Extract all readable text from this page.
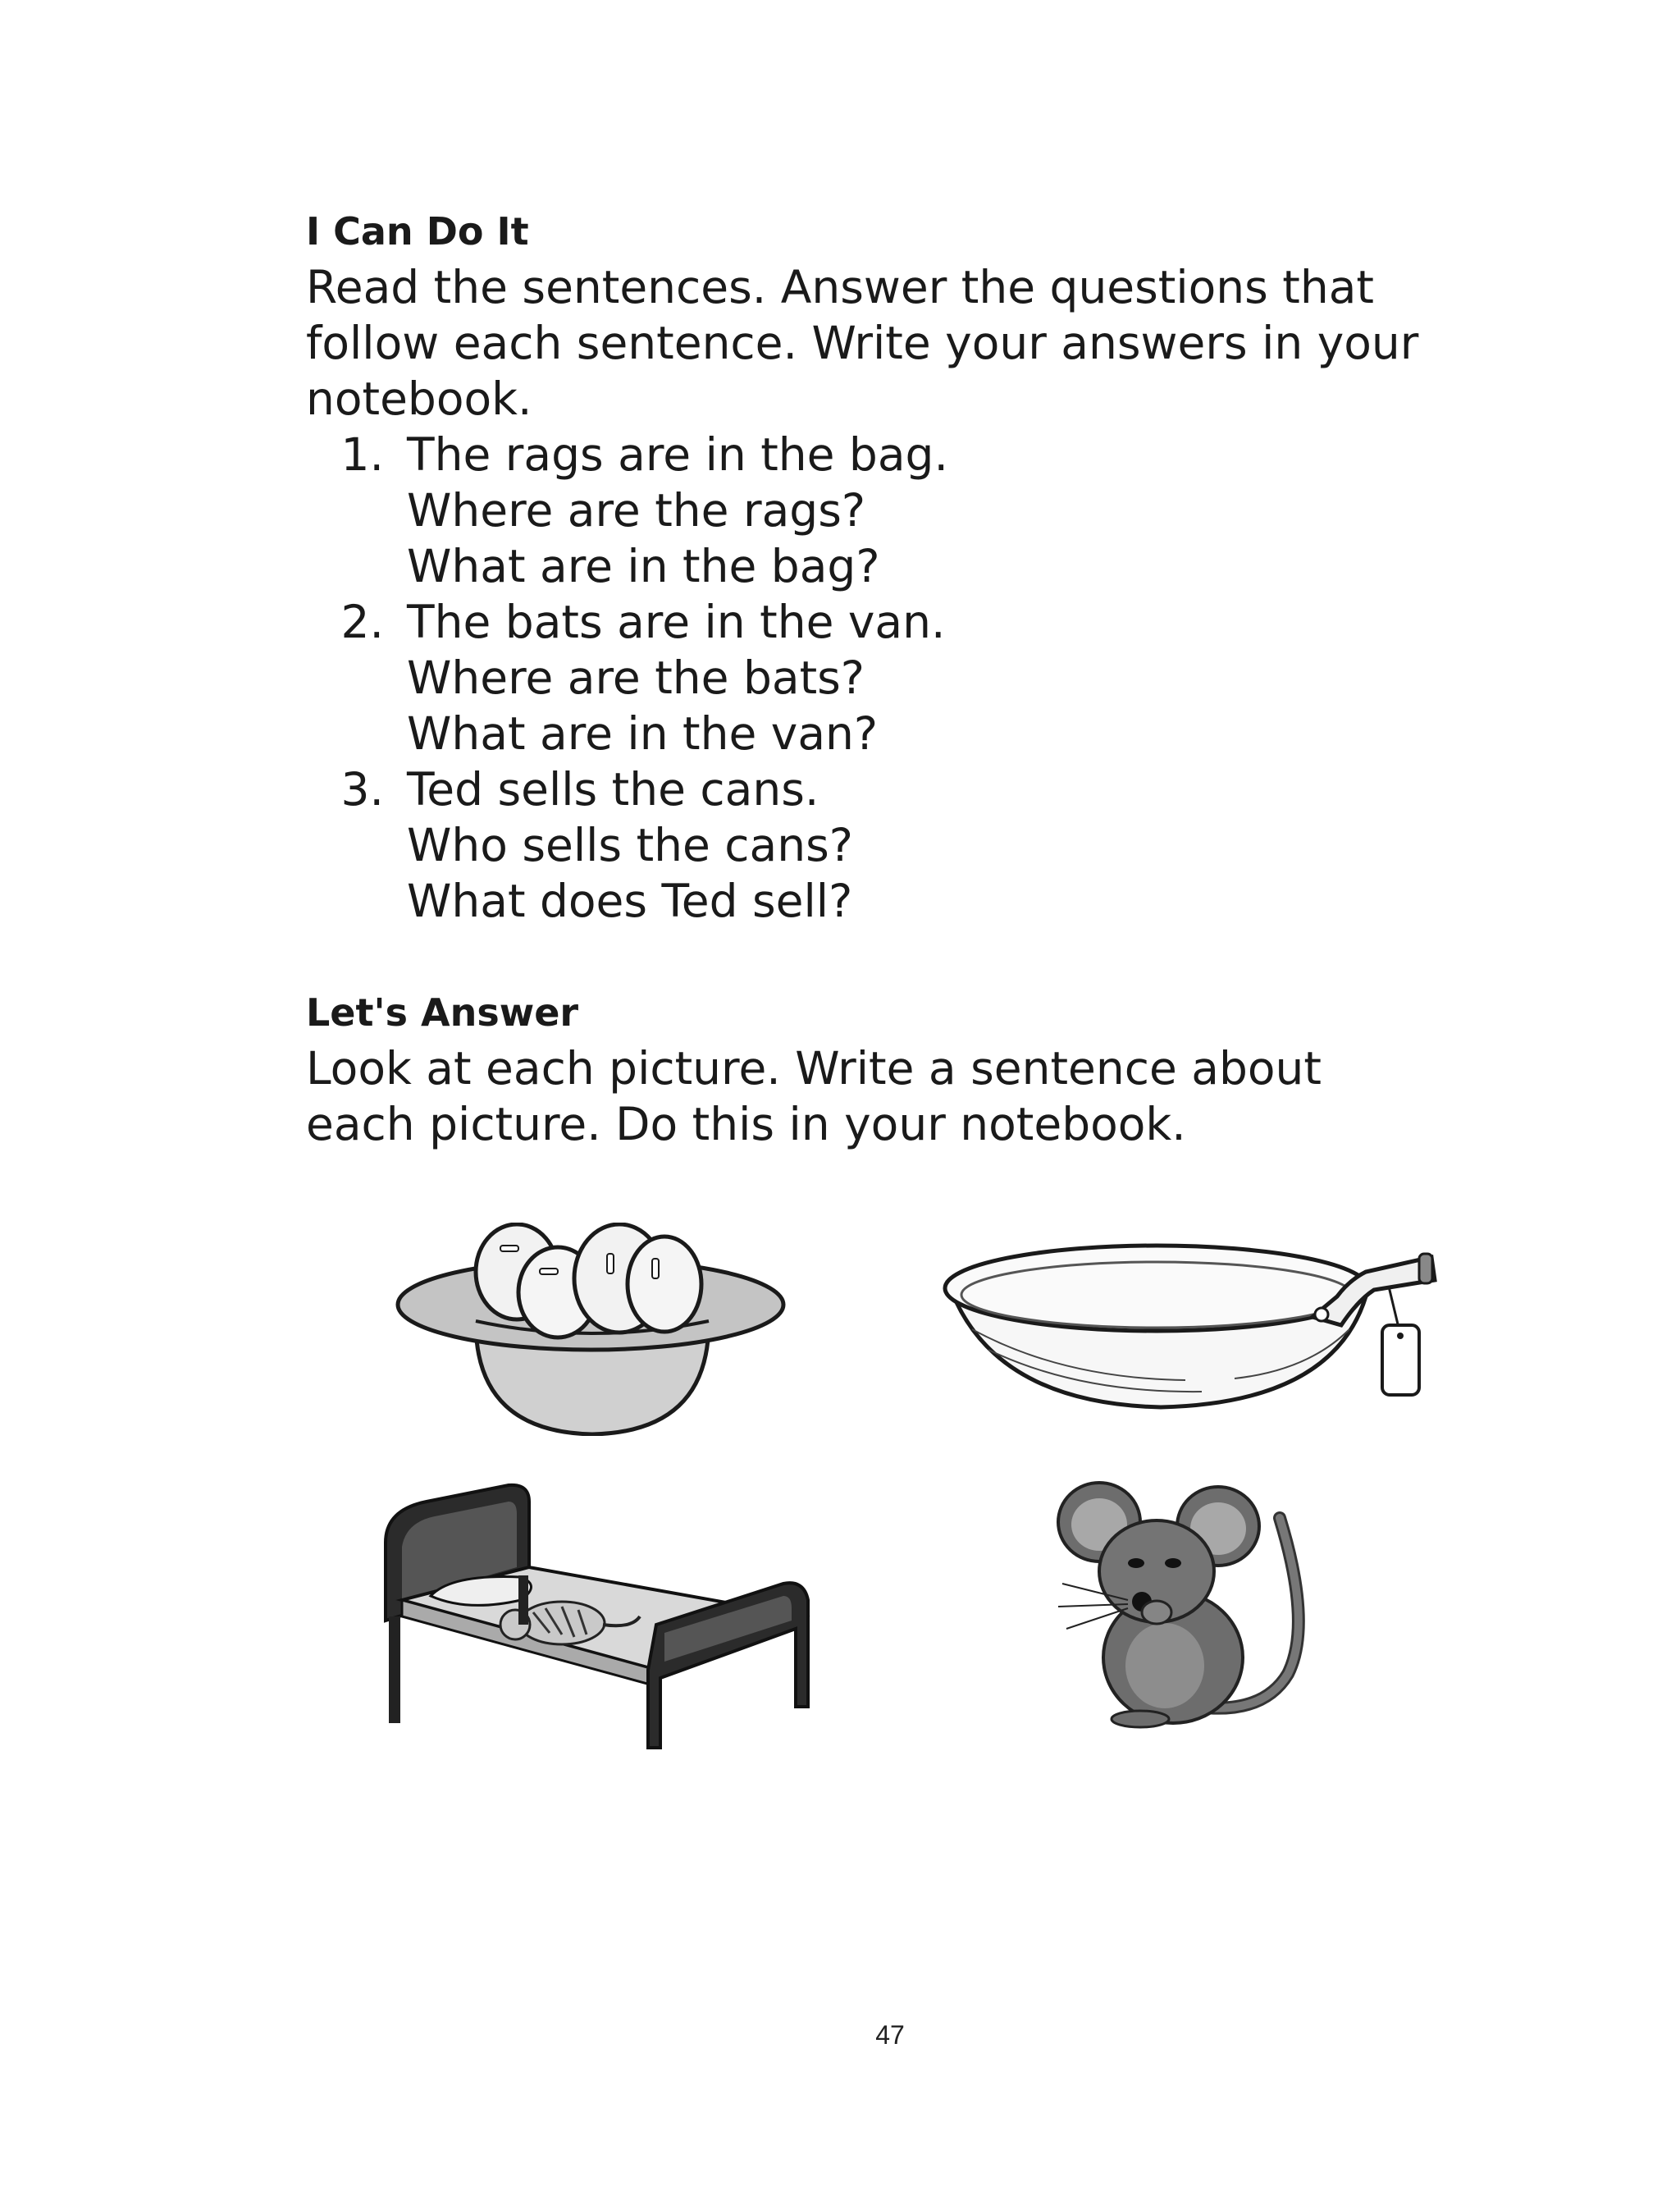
I Can Do It

Read the sentences. Answer the questions that
follow each sentence. Write your answers in your
notebook.

1. The rags are in the bag.
Where are the rags?
What are in the bag?
2. The bats are in the van.
Where are the bats?
What are in the van?
3. Ted sells the cans.
Who sells the cans?
What does Ted sell?

Let's Answer

Look at each picture. Write a sentence about
each picture. Do this in your notebook.

47
